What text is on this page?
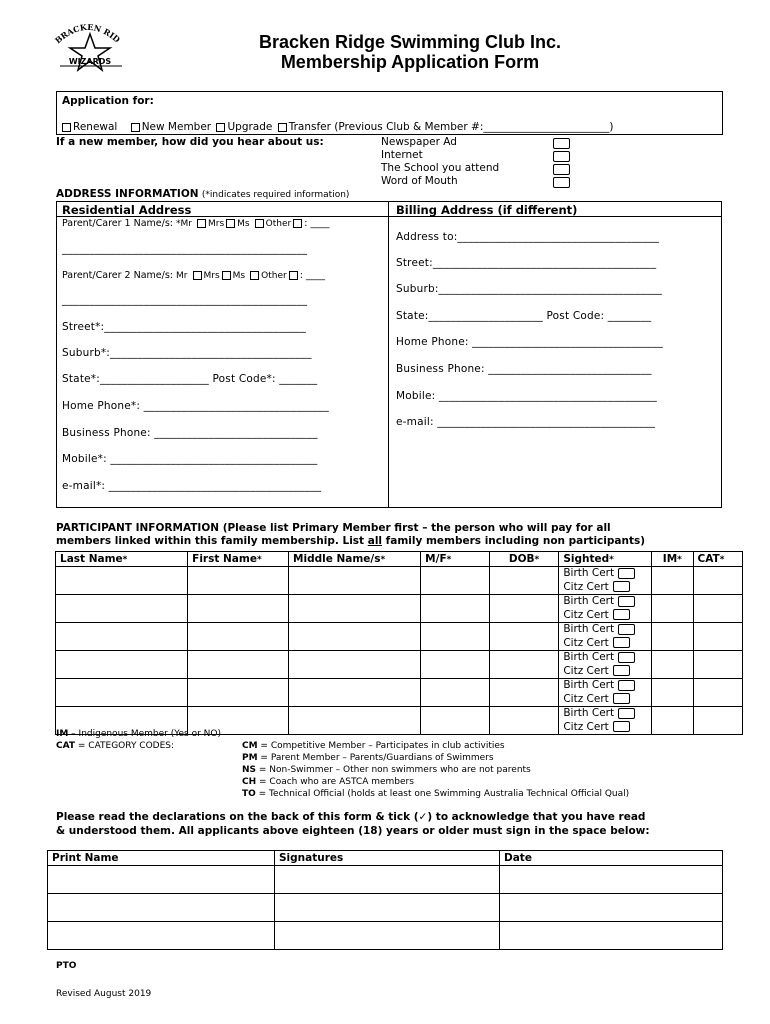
BRACKEN RID
WIZARDS
Bracken Ridge Swimming Club Inc.
Membership Application Form
Application for:
Renewal New Member Upgrade Transfer (Previous Club & Member #:________________________)
If a new member, how did you hear about us:	Newspaper Ad
Internet
The School you attend
Word of Mouth
ADDRESS INFORMATION (*indicates required information)
Residential Address	Billing Address (if different)
Parent/Carer 1 Name/s: *Mr Mrs Ms Other : ____
_____________________________________________
Parent/Carer 2 Name/s: Mr Mrs Ms Other : ____
_____________________________________________
Street*:_____________________________________
Suburb*:_____________________________________
State*:____________________ Post Code*: _______
Home Phone*: __________________________________
Business Phone: ______________________________
Mobile*: ______________________________________
e-mail*: _______________________________________
Address to:_____________________________________
Street:_________________________________________
Suburb:_________________________________________
State:_____________________ Post Code: ________
Home Phone: ___________________________________
Business Phone: ______________________________
Mobile: ________________________________________
e-mail: ________________________________________
PARTICIPANT INFORMATION (Please list Primary Member first – the person who will pay for all
members linked within this family membership. List all family members including non participants)
Last Name*	First Name*	Middle Name/s*	M/F*	DOB*	Sighted*	IM*	CAT*

					Birth Cert
Citz Cert		

					Birth Cert
Citz Cert		

					Birth Cert
Citz Cert		

					Birth Cert
Citz Cert		

					Birth Cert
Citz Cert		

					Birth Cert
Citz Cert		

IM – Indigenous Member (Yes or NO)
CAT = CATEGORY CODES:	CM = Competitive Member – Participates in club activities
PM = Parent Member – Parents/Guardians of Swimmers
NS = Non-Swimmer – Other non swimmers who are not parents
CH = Coach who are ASTCA members
TO = Technical Official (holds at least one Swimming Australia Technical Official Qual)
Please read the declarations on the back of this form & tick (✓) to acknowledge that you have read
& understood them. All applicants above eighteen (18) years or older must sign in the space below:
Print Name	Signatures	Date

PTO
Revised August 2019
